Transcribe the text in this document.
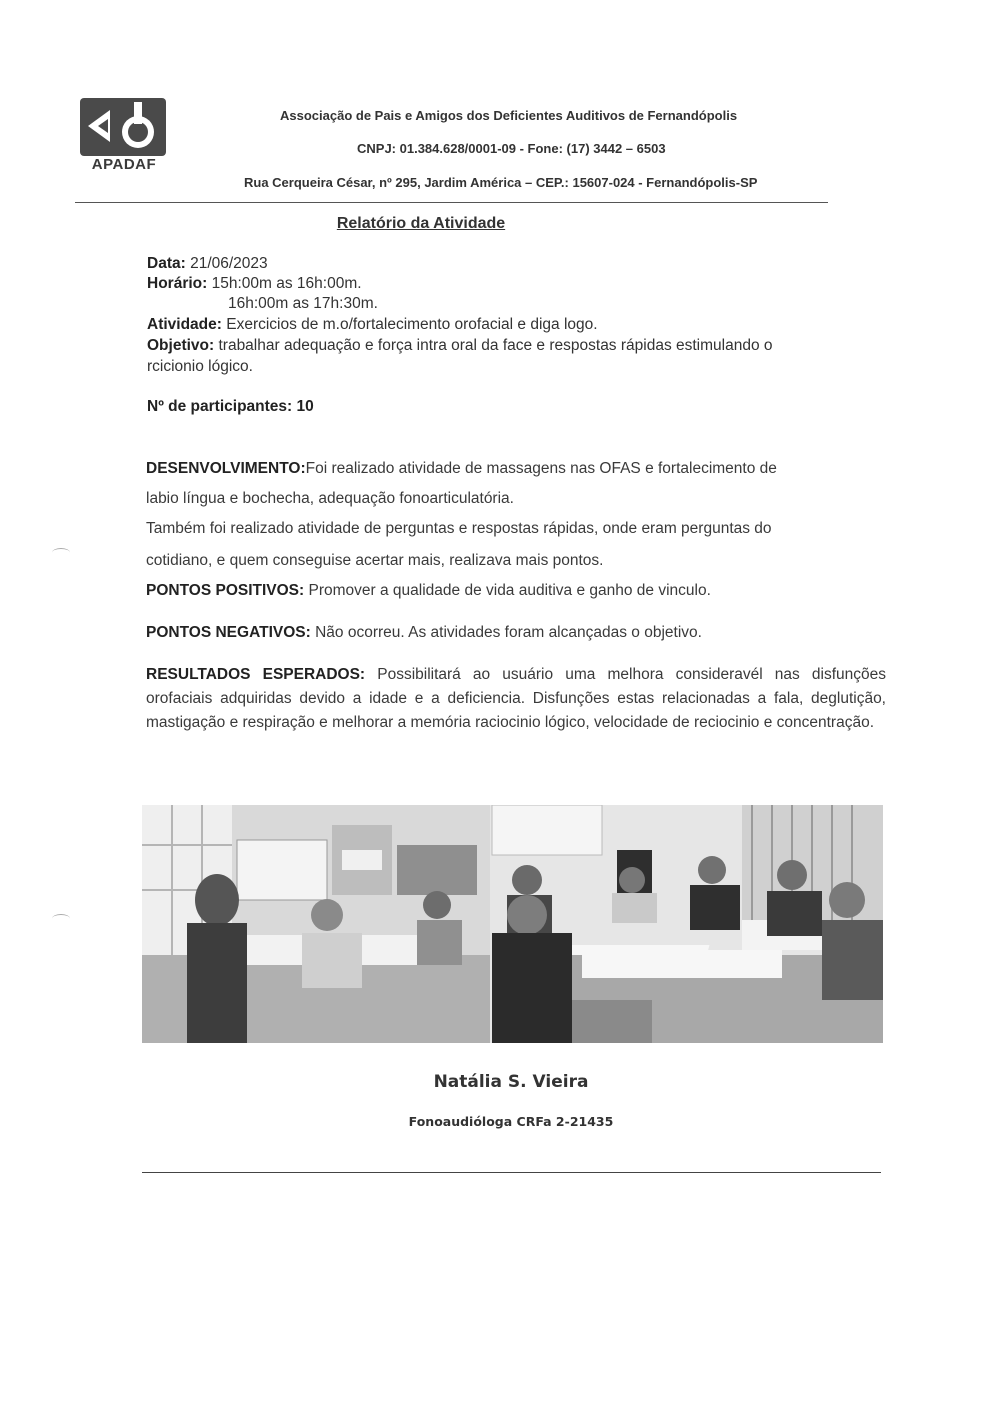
APADAF
Associação de Pais e Amigos dos Deficientes Auditivos de Fernandópolis
CNPJ: 01.384.628/0001-09 - Fone: (17) 3442 – 6503
Rua Cerqueira César, nº 295, Jardim América – CEP.: 15607-024 - Fernandópolis-SP
Relatório da Atividade
Data: 21/06/2023
Horário: 15h:00m as 16h:00m.
16h:00m as 17h:30m.
Atividade: Exercicios de m.o/fortalecimento orofacial e diga logo.
Objetivo: trabalhar adequação e força intra oral da face e respostas rápidas estimulando o
rcicionio lógico.
Nº de participantes: 10
DESENVOLVIMENTO:Foi realizado atividade de massagens nas OFAS e fortalecimento de
labio língua e bochecha, adequação fonoarticulatória.
Também foi realizado atividade de perguntas e respostas rápidas, onde eram perguntas do
cotidiano, e quem conseguise acertar mais, realizava mais pontos.
PONTOS POSITIVOS: Promover a qualidade de vida auditiva e ganho de vinculo.
PONTOS NEGATIVOS: Não ocorreu. As atividades foram alcançadas o objetivo.
RESULTADOS ESPERADOS: Possibilitará ao usuário uma melhora consideravél nas disfunções orofaciais adquiridas devido a idade e a deficiencia. Disfunções estas relacionadas a fala, deglutição, mastigação e respiração e melhorar a memória raciocinio lógico, velocidade de reciocinio e concentração.
Natália S. Vieira
Fonoaudióloga CRFa 2-21435
